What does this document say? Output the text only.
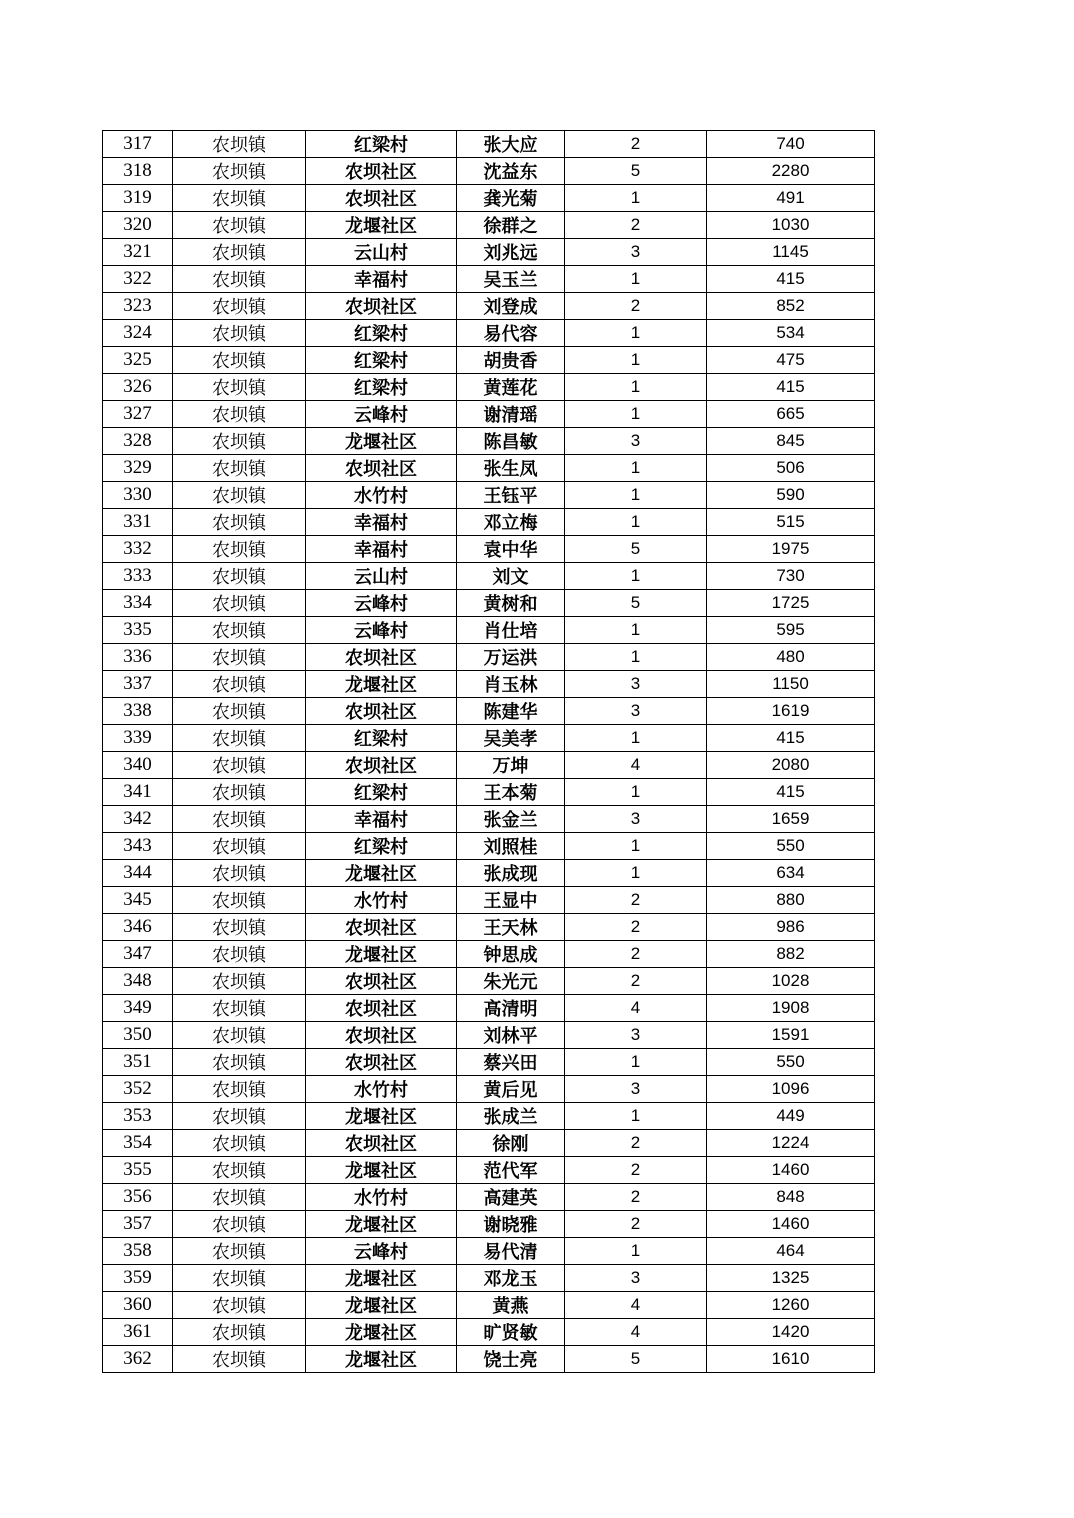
317	农坝镇	红梁村	张大应	2	740
318	农坝镇	农坝社区	沈益东	5	2280
319	农坝镇	农坝社区	龚光菊	1	491
320	农坝镇	龙堰社区	徐群之	2	1030
321	农坝镇	云山村	刘兆远	3	1145
322	农坝镇	幸福村	吴玉兰	1	415
323	农坝镇	农坝社区	刘登成	2	852
324	农坝镇	红梁村	易代容	1	534
325	农坝镇	红梁村	胡贵香	1	475
326	农坝镇	红梁村	黄莲花	1	415
327	农坝镇	云峰村	谢清瑶	1	665
328	农坝镇	龙堰社区	陈昌敏	3	845
329	农坝镇	农坝社区	张生凤	1	506
330	农坝镇	水竹村	王钰平	1	590
331	农坝镇	幸福村	邓立梅	1	515
332	农坝镇	幸福村	袁中华	5	1975
333	农坝镇	云山村	刘文	1	730
334	农坝镇	云峰村	黄树和	5	1725
335	农坝镇	云峰村	肖仕培	1	595
336	农坝镇	农坝社区	万运洪	1	480
337	农坝镇	龙堰社区	肖玉林	3	1150
338	农坝镇	农坝社区	陈建华	3	1619
339	农坝镇	红梁村	吴美孝	1	415
340	农坝镇	农坝社区	万坤	4	2080
341	农坝镇	红梁村	王本菊	1	415
342	农坝镇	幸福村	张金兰	3	1659
343	农坝镇	红梁村	刘照桂	1	550
344	农坝镇	龙堰社区	张成现	1	634
345	农坝镇	水竹村	王显中	2	880
346	农坝镇	农坝社区	王天林	2	986
347	农坝镇	龙堰社区	钟思成	2	882
348	农坝镇	农坝社区	朱光元	2	1028
349	农坝镇	农坝社区	高清明	4	1908
350	农坝镇	农坝社区	刘林平	3	1591
351	农坝镇	农坝社区	蔡兴田	1	550
352	农坝镇	水竹村	黄后见	3	1096
353	农坝镇	龙堰社区	张成兰	1	449
354	农坝镇	农坝社区	徐刚	2	1224
355	农坝镇	龙堰社区	范代军	2	1460
356	农坝镇	水竹村	高建英	2	848
357	农坝镇	龙堰社区	谢晓雅	2	1460
358	农坝镇	云峰村	易代清	1	464
359	农坝镇	龙堰社区	邓龙玉	3	1325
360	农坝镇	龙堰社区	黄燕	4	1260
361	农坝镇	龙堰社区	旷贤敏	4	1420
362	农坝镇	龙堰社区	饶士亮	5	1610
